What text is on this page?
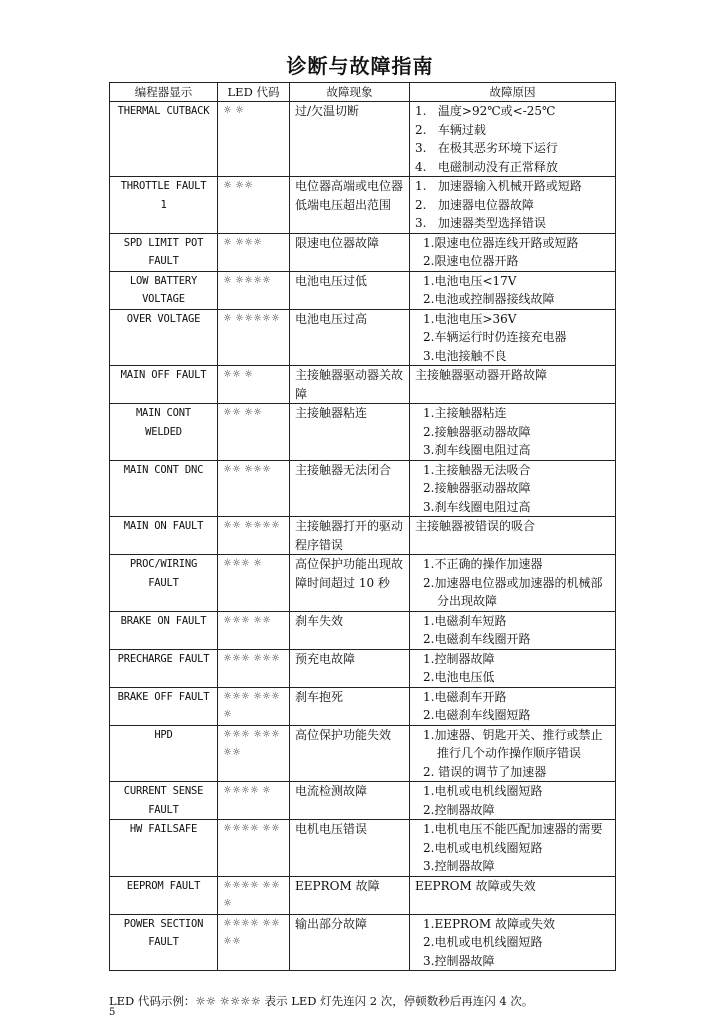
诊断与故障指南
编程器显示	LED 代码	故障现象	故障原因
THERMAL CUTBACK	☼ ☼	过/欠温切断	1.   温度>92℃或<-25℃
2.   车辆过载
3.   在极其恶劣环境下运行
4.   电磁制动没有正常释放

THROTTLE FAULT 1	☼ ☼☼	电位器高端或电位器低端电压超出范围	1.   加速器输入机械开路或短路
2.   加速器电位器故障
3.   加速器类型选择错误

SPD LIMIT POT FAULT	☼ ☼☼☼	限速电位器故障	1.限速电位器连线开路或短路
2.限速电位器开路

LOW BATTERY VOLTAGE	☼ ☼☼☼☼	电池电压过低	1.电池电压<17V
2.电池或控制器接线故障

OVER VOLTAGE	☼ ☼☼☼☼☼	电池电压过高	1.电池电压>36V
2.车辆运行时仍连接充电器
3.电池接触不良

MAIN OFF FAULT	☼☼ ☼	主接触器驱动器关故障	主接触器驱动器开路故障

MAIN CONT WELDED	☼☼ ☼☼	主接触器粘连	1.主接触器粘连
2.接触器驱动器故障
3.刹车线圈电阻过高

MAIN CONT DNC	☼☼ ☼☼☼	主接触器无法闭合	1.主接触器无法吸合
2.接触器驱动器故障
3.刹车线圈电阻过高

MAIN ON FAULT	☼☼ ☼☼☼☼	主接触器打开的驱动程序错误	主接触器被错误的吸合

PROC/WIRING FAULT	☼☼☼ ☼	高位保护功能出现故障时间超过 10 秒	1.不正确的操作加速器
2.加速器电位器或加速器的机械部分出现故障

BRAKE ON FAULT	☼☼☼ ☼☼	刹车失效	1.电磁刹车短路
2.电磁刹车线圈开路

PRECHARGE FAULT	☼☼☼ ☼☼☼	预充电故障	1.控制器故障
2.电池电压低

BRAKE OFF FAULT	☼☼☼ ☼☼☼☼	刹车抱死	1.电磁刹车开路
2.电磁刹车线圈短路

HPD	☼☼☼ ☼☼☼☼☼	高位保护功能失效	1.加速器、钥匙开关、推行或禁止推行几个动作操作顺序错误
2. 错误的调节了加速器

CURRENT SENSE FAULT	☼☼☼☼ ☼	电流检测故障	1.电机或电机线圈短路
2.控制器故障

HW FAILSAFE	☼☼☼☼ ☼☼	电机电压错误	1.电机电压不能匹配加速器的需要
2.电机或电机线圈短路
3.控制器故障

EEPROM FAULT	☼☼☼☼ ☼☼☼	EEPROM 故障	EEPROM 故障或失效

POWER SECTION FAULT	☼☼☼☼ ☼☼☼☼	输出部分故障	1.EEPROM 故障或失效
2.电机或电机线圈短路
3.控制器故障
LED 代码示例：☼☼ ☼☼☼☼ 表示 LED 灯先连闪 2 次，停顿数秒后再连闪 4 次。
5
